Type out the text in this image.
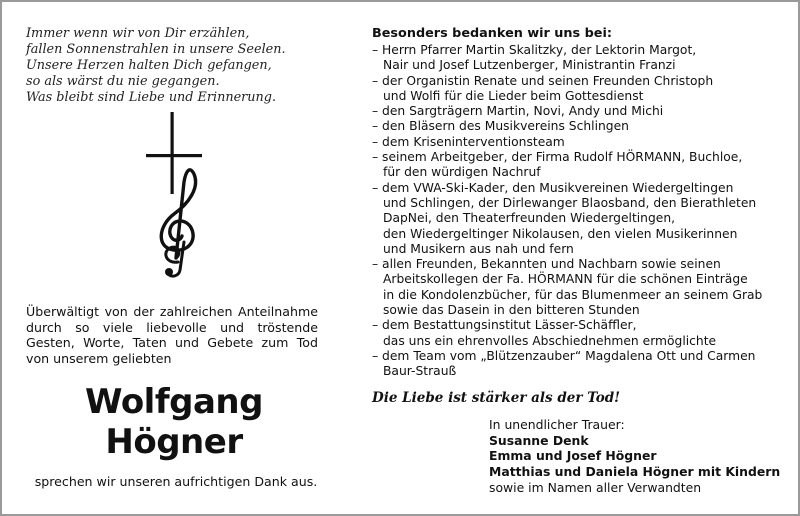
Immer wenn wir von Dir erzählen,
fallen Sonnenstrahlen in unsere Seelen.
Unsere Herzen halten Dich gefangen,
so als wärst du nie gegangen.
Was bleibt sind Liebe und Erinnerung.
Überwältigt von der zahlreichen Anteilnahme
durch so viele liebevolle und tröstende
Gesten, Worte, Taten und Gebete zum Tod
von unserem geliebten
Wolfgang
Högner
sprechen wir unseren aufrichtigen Dank aus.
Besonders bedanken wir uns bei:
– Herrn Pfarrer Martin Skalitzky, der Lektorin Margot,
Nair und Josef Lutzenberger, Ministrantin Franzi
– der Organistin Renate und seinen Freunden Christoph
und Wolfi für die Lieder beim Gottesdienst
– den Sargträgern Martin, Novi, Andy und Michi
– den Bläsern des Musikvereins Schlingen
– dem Kriseninterventionsteam
– seinem Arbeitgeber, der Firma Rudolf HÖRMANN, Buchloe,
für den würdigen Nachruf
– dem VWA-Ski-Kader, den Musikvereinen Wiedergeltingen
und Schlingen, der Dirlewanger Blaosband, den Bierathleten
DapNei, den Theaterfreunden Wiedergeltingen,
den Wiedergeltinger Nikolausen, den vielen Musikerinnen
und Musikern aus nah und fern
– allen Freunden, Bekannten und Nachbarn sowie seinen
Arbeitskollegen der Fa. HÖRMANN für die schönen Einträge
in die Kondolenzbücher, für das Blumenmeer an seinem Grab
sowie das Dasein in den bitteren Stunden
– dem Bestattungsinstitut Lässer-Schäffler,
das uns ein ehrenvolles Abschiednehmen ermöglichte
– dem Team vom „Blützenzauber“ Magdalena Ott und Carmen
Baur-Strauß
Die Liebe ist stärker als der Tod!
In unendlicher Trauer:
Susanne Denk
Emma und Josef Högner
Matthias und Daniela Högner mit Kindern
sowie im Namen aller Verwandten
